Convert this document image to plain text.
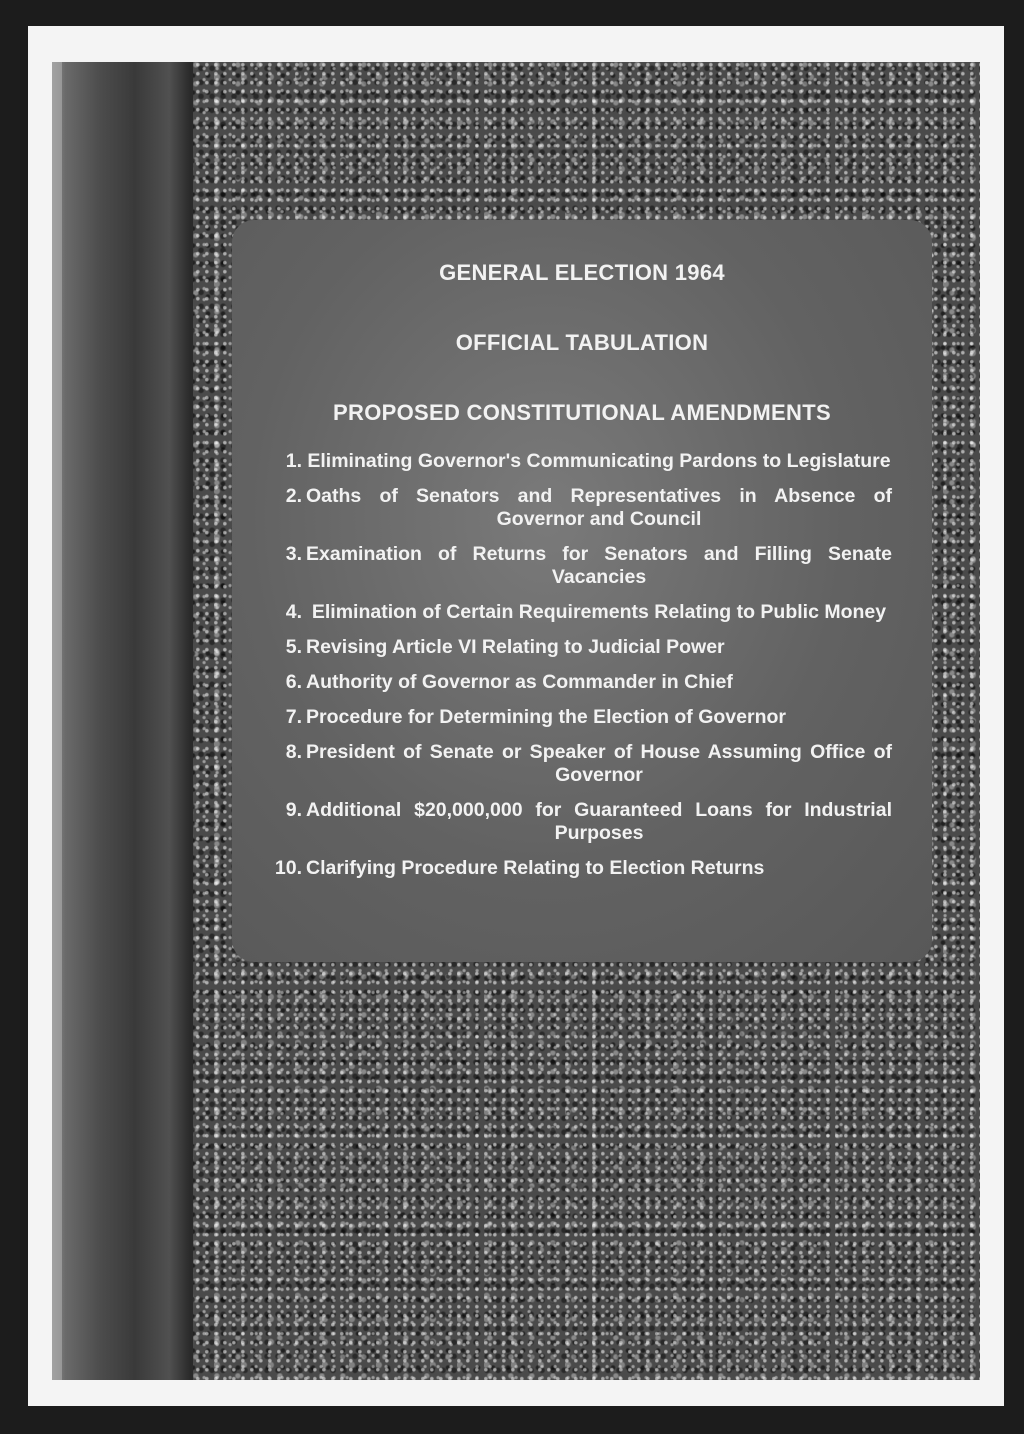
GENERAL ELECTION 1964
OFFICIAL TABULATION
PROPOSED CONSTITUTIONAL AMENDMENTS
1. Eliminating Governor's Communicating Pardons to Legislature
2. Oaths of Senators and Representatives in Absence of Governor and Council
3. Examination of Returns for Senators and Filling Senate Vacancies
4. Elimination of Certain Requirements Relating to Public Money
5. Revising Article VI Relating to Judicial Power
6. Authority of Governor as Commander in Chief
7. Procedure for Determining the Election of Governor
8. President of Senate or Speaker of House Assuming Office of Governor
9. Additional $20,000,000 for Guaranteed Loans for Industrial Purposes
10. Clarifying Procedure Relating to Election Returns
